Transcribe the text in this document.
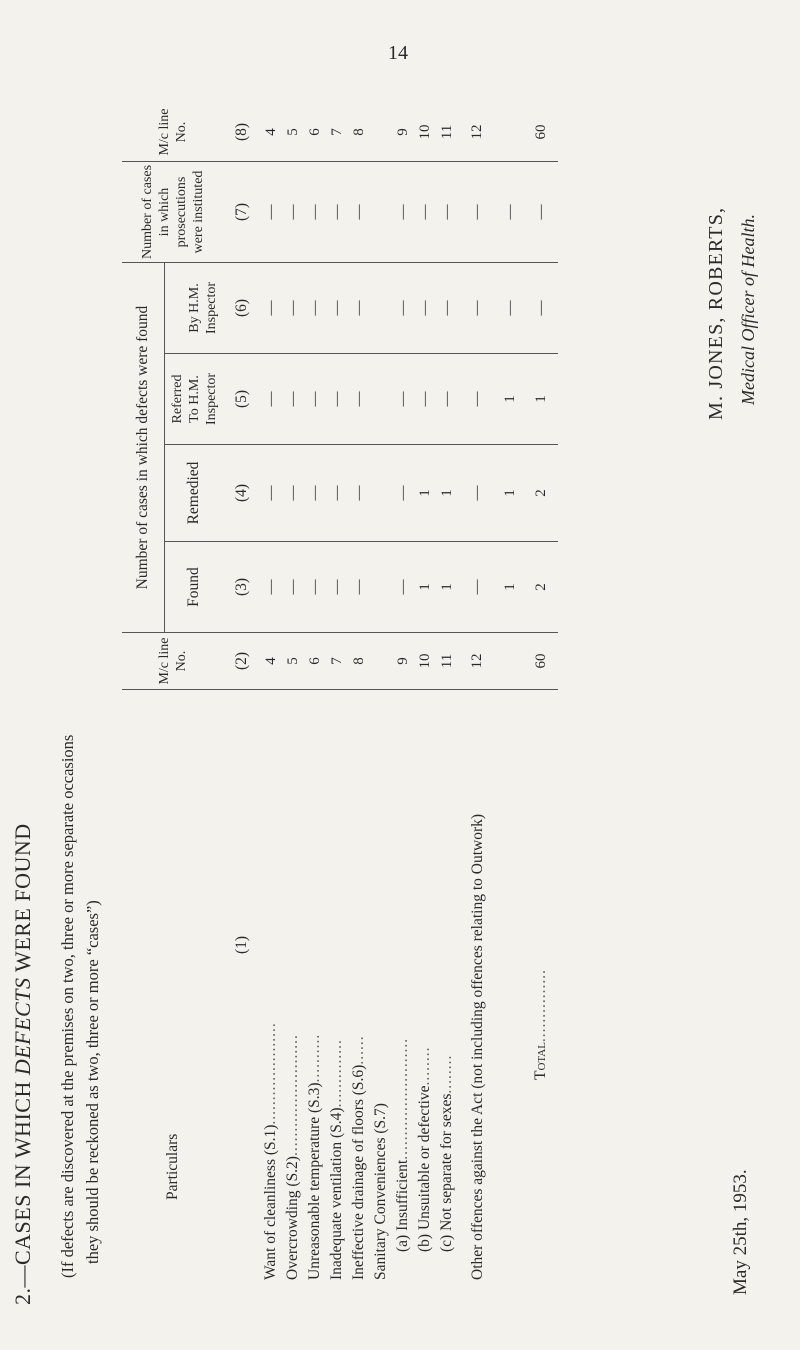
14
2.—CASES IN WHICH DEFECTS WERE FOUND (If defects are discovered at the premises on two, three or more separate occasions they should be reckoned as two, three or more “cases”)	Particulars	M/c line No.	Number of cases in which defects were found				Number of cases in which prosecutions were instituted	M/c line No.
		Found	Remedied	Referred To H.M. Inspector	By H.M. Inspector		

(1)	(2)	(3)	(4)	(5)	(6)	(7)	(8)
Want of cleanliness (S.1).....................	4	—	—	—	—	—	4
Overcrowding (S.2).........................	5	—	—	—	—	—	5
Unreasonable temperature (S.3)..........	6	—	—	—	—	—	6
Inadequate ventilation (S.4)..............	7	—	—	—	—	—	7
Ineffective drainage of floors (S.6)......	8	—	—	—	—	—	8
Sanitary Conveniences (S.7)							
(a) Insufficient.........................	9	—	—	—	—	—	9
(b) Unsuitable or defective........	10	1	1	—	—	—	10
(c) Not separate for sexes........	11	1	1	—	—	—	11
Other offences against the Act (not including offences relating to Outwork)	12	—	—	—	—	—	12
		1	1	1	—	—	
Total...............	60	2	2	1	—	—	60
M. JONES, ROBERTS, Medical Officer of Health.
May 25th, 1953.
